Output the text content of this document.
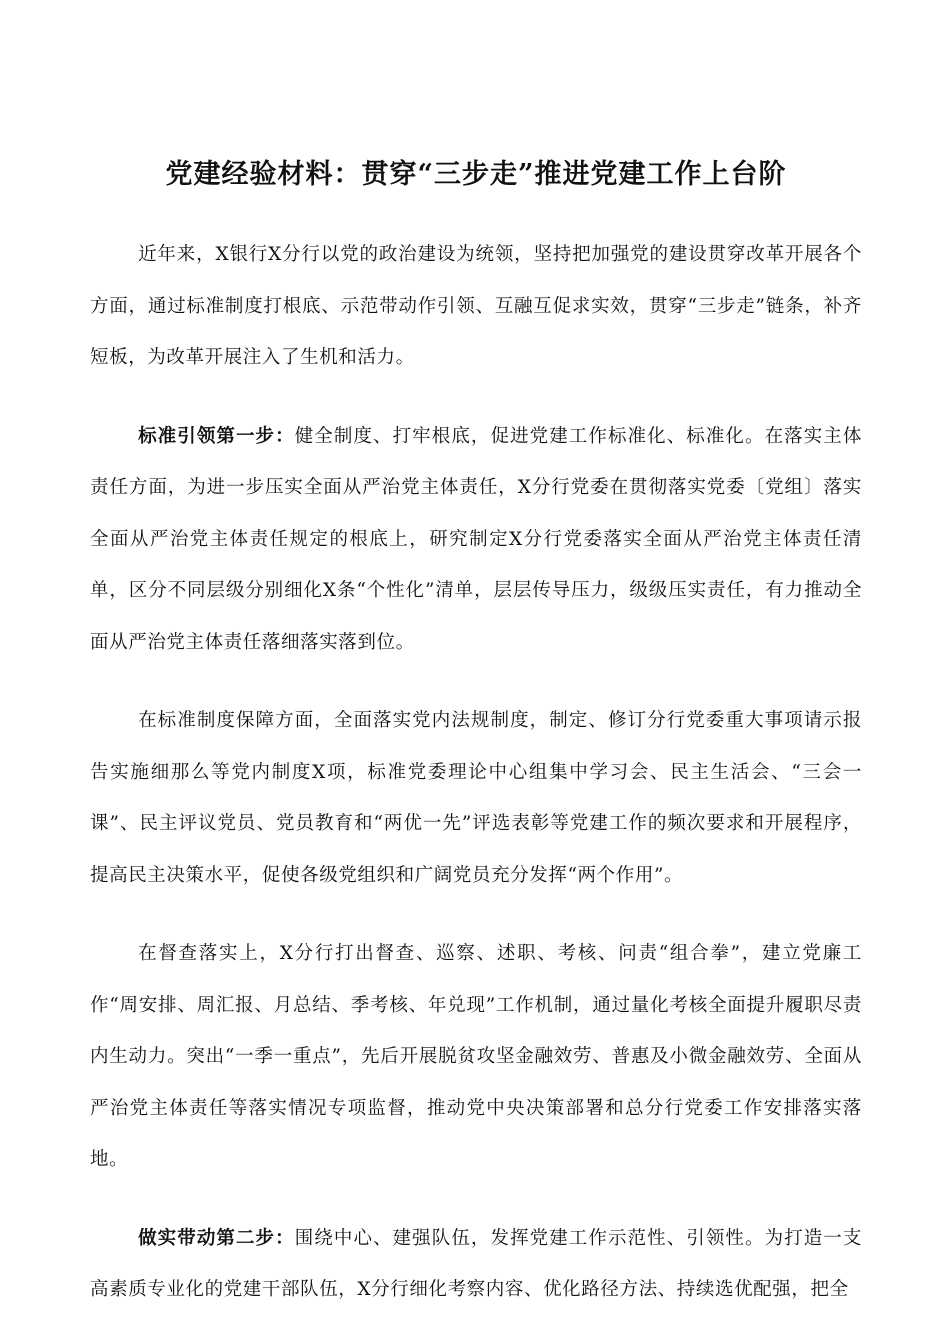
党建经验材料：贯穿“三步走”推进党建工作上台阶

近年来，X银行X分行以党的政治建设为统领，坚持把加强党的建设贯穿改革开展各个方面，通过标准制度打根底、示范带动作引领、互融互促求实效，贯穿“三步走”链条，补齐短板，为改革开展注入了生机和活力。

标准引领第一步：健全制度、打牢根底，促进党建工作标准化、标准化。在落实主体责任方面，为进一步压实全面从严治党主体责任，X分行党委在贯彻落实党委〔党组〕落实全面从严治党主体责任规定的根底上，研究制定X分行党委落实全面从严治党主体责任清单，区分不同层级分别细化X条“个性化”清单，层层传导压力，级级压实责任，有力推动全面从严治党主体责任落细落实落到位。

在标准制度保障方面，全面落实党内法规制度，制定、修订分行党委重大事项请示报告实施细那么等党内制度X项，标准党委理论中心组集中学习会、民主生活会、“三会一课”、民主评议党员、党员教育和“两优一先”评选表彰等党建工作的频次要求和开展程序，提高民主决策水平，促使各级党组织和广阔党员充分发挥“两个作用”。

在督查落实上，X分行打出督查、巡察、述职、考核、问责“组合拳”，建立党廉工作“周安排、周汇报、月总结、季考核、年兑现”工作机制，通过量化考核全面提升履职尽责内生动力。突出“一季一重点”，先后开展脱贫攻坚金融效劳、普惠及小微金融效劳、全面从严治党主体责任等落实情况专项监督，推动党中央决策部署和总分行党委工作安排落实落地。

做实带动第二步：围绕中心、建强队伍，发挥党建工作示范性、引领性。为打造一支高素质专业化的党建干部队伍，X分行细化考察内容、优化路径方法、持续选优配强，把全
